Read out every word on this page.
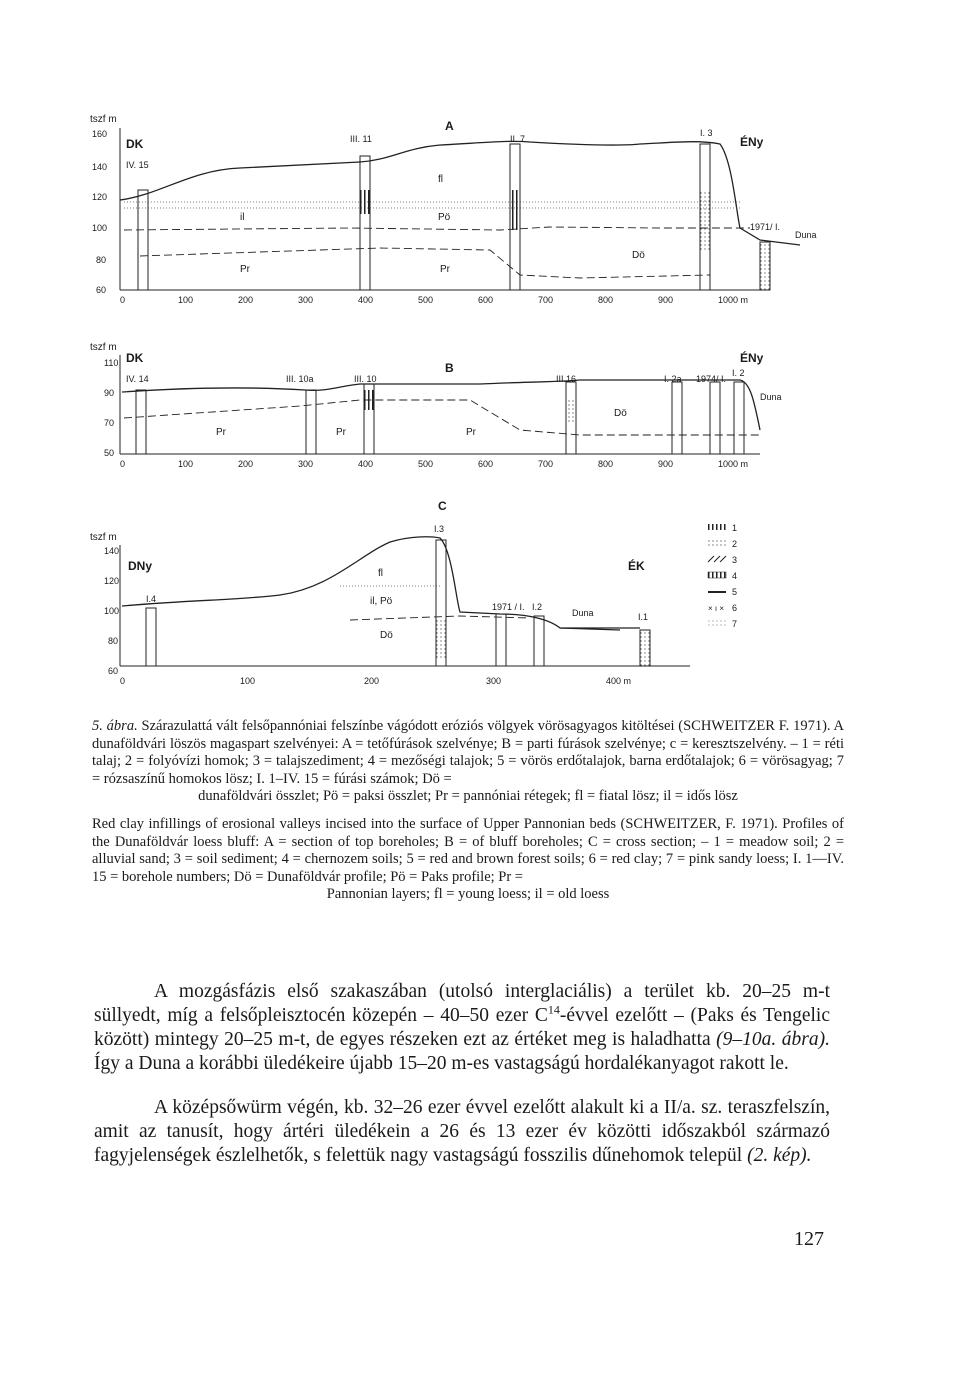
tszf m
160
140
120
100
80
60
0	100	200	300	400	500	600	700	800	900	1000 m
A
DK	ÉNy
IV. 15
III. 11	II. 7
I. 3
1971/ I.
il
fl
Pö
Pr	Pr
Dö
Duna
tszf m
110
90
70
50
0	100	200	300	400	500	600	700	800	900	1000 m
B
DK	ÉNy
IV. 14	III. 10a	III. 10	III.16	I. 2a 1974/ I.
I. 2
Pr	Pr	Pr
Dö
Duna
C
tszf m
140
120
100
80
60
0	100	200	300	400 m
DNy	ÉK
I.4
I.3
1971 / I. I.2
I.1
fl
il, Pö
Dö
Duna
1
2
3
4
5
× ı × 6
7
5. ábra. Szárazulattá vált felsőpannóniai felszínbe vágódott eróziós völgyek vörösagyagos kitöltései (SCHWEITZER F. 1971). A dunaföldvári löszös magaspart szelvényei: A = tetőfúrások szelvénye; B = parti fúrások szelvénye; c = keresztszelvény. – 1 = réti talaj; 2 = folyóvízi homok; 3 = talajszediment; 4 = mezőségi talajok; 5 = vörös erdőtalajok, barna erdőtalajok; 6 = vörösagyag; 7 = rózsaszínű homokos lösz; I. 1–IV. 15 = fúrási számok; Dö =
dunaföldvári összlet; Pö = paksi összlet; Pr = pannóniai rétegek; fl = fiatal lösz; il = idős lösz
Red clay infillings of erosional valleys incised into the surface of Upper Pannonian beds (SCHWEITZER, F. 1971). Profiles of the Dunaföldvár loess bluff: A = section of top boreholes; B = of bluff boreholes; C = cross section; – 1 = meadow soil; 2 = alluvial sand; 3 = soil sediment; 4 = chernozem soils; 5 = red and brown forest soils; 6 = red clay; 7 = pink sandy loess; I. 1—IV. 15 = borehole numbers; Dö = Dunaföldvár profile; Pö = Paks profile; Pr =
Pannonian layers; fl = young loess; il = old loess
A mozgásfázis első szakaszában (utolsó interglaciális) a terület kb. 20–25 m-t süllyedt, míg a felsőpleisztocén közepén – 40–50 ezer $C^{14}$-évvel ezelőtt – (Paks és Tengelic között) mintegy 20–25 m-t, de egyes részeken ezt az értéket meg is haladhatta (9–10a. ábra). Így a Duna a korábbi üledékeire újabb 15–20 m-es vastagságú hordalékanyagot rakott le.
A középsőwürm végén, kb. 32–26 ezer évvel ezelőtt alakult ki a II/a. sz. teraszfelszín, amit az tanusít, hogy ártéri üledékein a 26 és 13 ezer év közötti időszakból származó fagyjelenségek észlelhetők, s felettük nagy vastagságú fosszilis dűnehomok települ (2. kép).
127
